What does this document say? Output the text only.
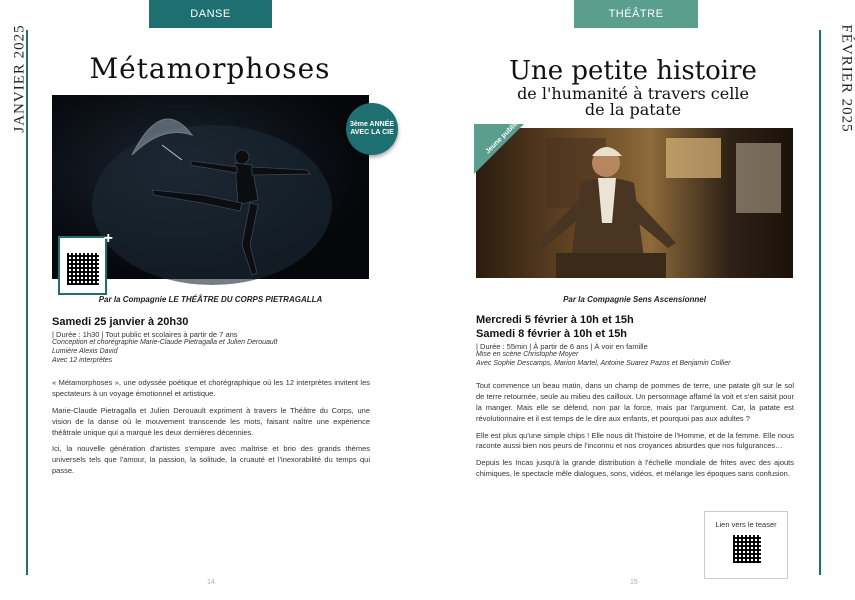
DANSE
JANVIER 2025	Métamorphoses
3ème ANNÉE
AVEC LA CIE
EN SAVOIR +
Par la Compagnie LE THÉÂTRE DU CORPS PIETRAGALLA
Samedi 25 janvier à 20h30
| Durée : 1h30 | Tout public et scolaires à partir de 7 ans
Conception et chorégraphie Marie-Claude Pietragalla et Julien Derouault
Lumière Alexis David
Avec 12 interprètes

« Métamorphoses », une odyssée poétique et chorégraphique où les 12 interprètes invitent les spectateurs à un voyage émotionnel et artistique.

Marie-Claude Pietragalla et Julien Derouault expriment à travers le Théâtre du Corps, une vision de la danse où le mouvement transcende les mots, faisant naître une expérience théâtrale unique qui a marqué les deux dernières décennies.

Ici, la nouvelle génération d'artistes s'empare avec maîtrise et brio des grands thèmes universels tels que l'amour, la passion, la solitude, la cruauté et l'inexorabilité du temps qui passe.

14
THÉÂTRE
FÉVRIER 2025
Une petite histoire
de l'humanité à travers celle
de la patate
Jeune public
Par la Compagnie Sens Ascensionnel
Mercredi 5 février à 10h et 15h
Samedi 8 février à 10h et 15h
| Durée : 55min | À partir de 6 ans | À voir en famille
Mise en scène Christophe Moyer
Avec Sophie Descamps, Marion Martel, Antoine Suarez Pazos et Benjamin Collier

Tout commence un beau matin, dans un champ de pommes de terre, une patate gît sur le sol de terre retournée, seule au milieu des cailloux. Un personnage affamé la voit et s'en saisit pour la manger. Mais elle se défend, non par la force, mais par l'argument. Car, la patate est révolutionnaire et il est temps de le dire aux enfants, et pourquoi pas aux adultes ?

Elle est plus qu'une simple chips ! Elle nous dit l'histoire de l'Homme, et de la femme. Elle nous raconte aussi bien nos peurs de l'inconnu et nos croyances absurdes que nos fulgurances…

Depuis les Incas jusqu'à la grande distribution à l'échelle mondiale de frites avec des ajouts chimiques, le spectacle mêle dialogues, sons, vidéos, et mélange les époques sans confusion.

Lien vers le teaser
15
